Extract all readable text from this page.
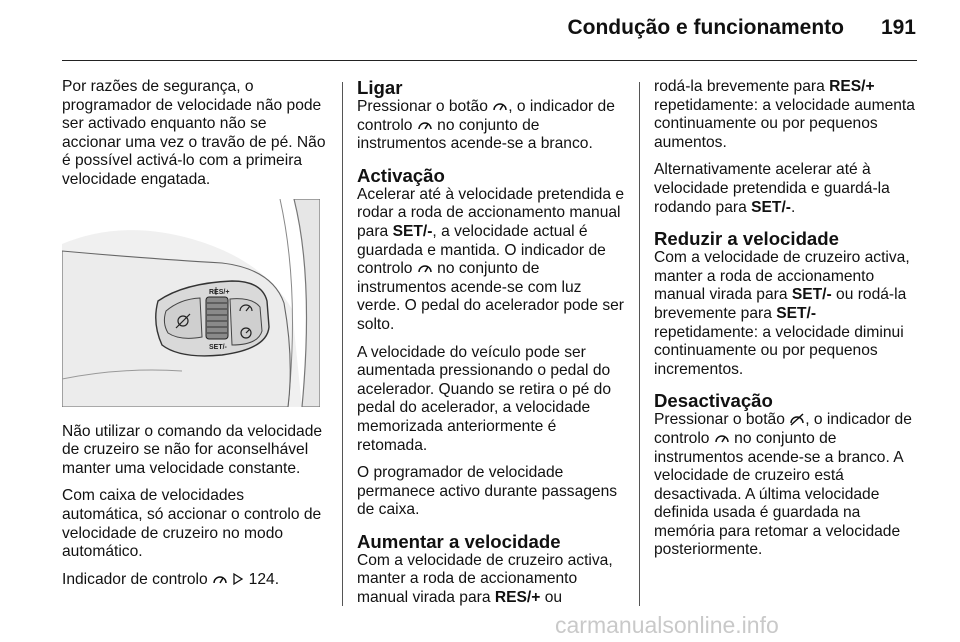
Condução e funcionamento	191

Por razões de segurança, o programador de velocidade não pode ser activado enquanto não se accionar uma vez o travão de pé. Não é possível activá-lo com a primeira velocidade engatada.

RES/+
SET/-

Não utilizar o comando da velocidade de cruzeiro se não for aconselhável manter uma velocidade constante.

Com caixa de velocidades automática, só accionar o controlo de velocidade de cruzeiro no modo automático.

Indicador de controlo	124.

Ligar

Pressionar o botão , o indicador de controlo no conjunto de instrumentos acende-se a branco.

Activação

Acelerar até à velocidade pretendida e rodar a roda de accionamento manual para SET/-, a velocidade actual é guardada e mantida. O indicador de controlo no conjunto de instrumentos acende-se com luz verde. O pedal do acelerador pode ser solto.

A velocidade do veículo pode ser aumentada pressionando o pedal do acelerador. Quando se retira o pé do pedal do acelerador, a velocidade memorizada anteriormente é retomada.

O programador de velocidade permanece activo durante passagens de caixa.

Aumentar a velocidade

Com a velocidade de cruzeiro activa, manter a roda de accionamento manual virada para RES/+ ou

rodá-la brevemente para RES/+ repetidamente: a velocidade aumenta continuamente ou por pequenos aumentos.

Alternativamente acelerar até à velocidade pretendida e guardá-la rodando para SET/-.

Reduzir a velocidade

Com a velocidade de cruzeiro activa, manter a roda de accionamento manual virada para SET/- ou rodá-la brevemente para SET/- repetidamente: a velocidade diminui continuamente ou por pequenos incrementos.

Desactivação

Pressionar o botão , o indicador de controlo no conjunto de instrumentos acende-se a branco. A velocidade de cruzeiro está desactivada. A última velocidade definida usada é guardada na memória para retomar a velocidade posteriormente.

carmanualsonline.info
